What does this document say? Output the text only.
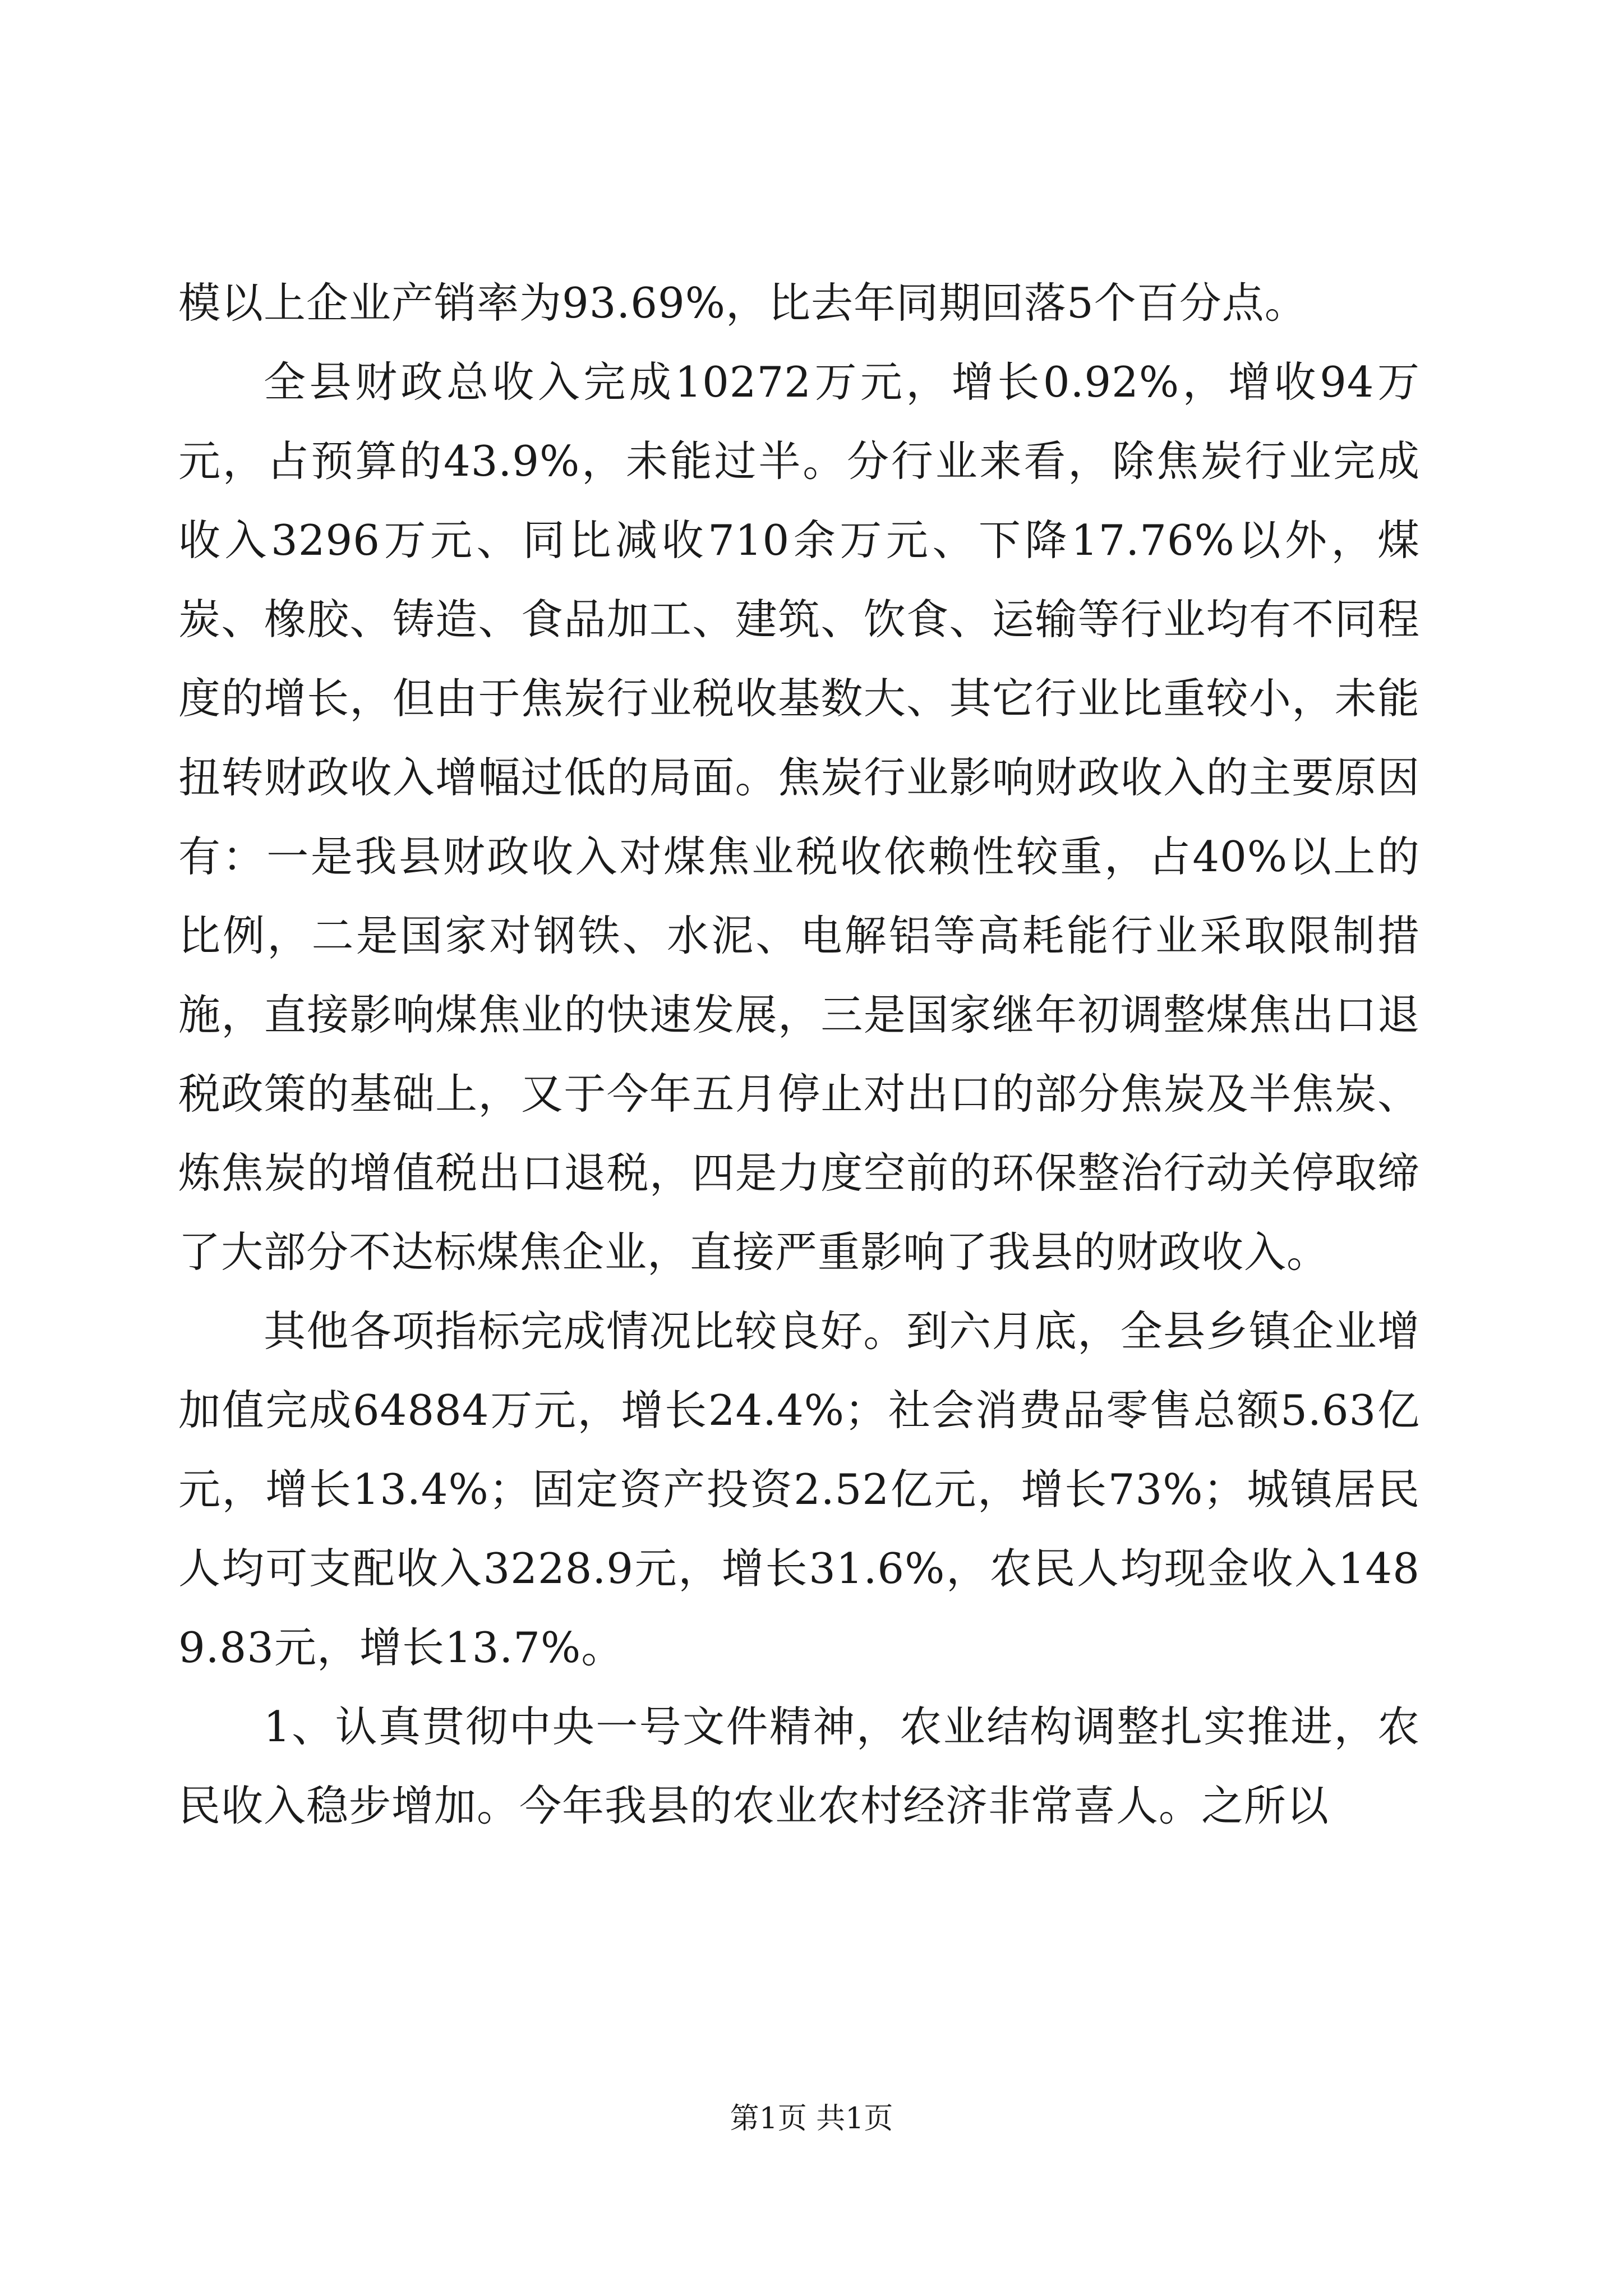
模以上企业产销率为93.69%，比去年同期回落5个百分点。

全县财政总收入完成10272万元，增长0.92%，增收94万元，占预算的43.9%，未能过半。分行业来看，除焦炭行业完成收入3296万元、同比减收710余万元、下降17.76%以外，煤炭、橡胶、铸造、食品加工、建筑、饮食、运输等行业均有不同程度的增长，但由于焦炭行业税收基数大、其它行业比重较小，未能扭转财政收入增幅过低的局面。焦炭行业影响财政收入的主要原因有：一是我县财政收入对煤焦业税收依赖性较重，占40%以上的比例，二是国家对钢铁、水泥、电解铝等高耗能行业采取限制措施，直接影响煤焦业的快速发展，三是国家继年初调整煤焦出口退税政策的基础上，又于今年五月停止对出口的部分焦炭及半焦炭、炼焦炭的增值税出口退税，四是力度空前的环保整治行动关停取缔了大部分不达标煤焦企业，直接严重影响了我县的财政收入。

其他各项指标完成情况比较良好。到六月底，全县乡镇企业增加值完成64884万元，增长24.4%；社会消费品零售总额5.63亿元，增长13.4%；固定资产投资2.52亿元，增长73%；城镇居民人均可支配收入3228.9元，增长31.6%，农民人均现金收入1489.83元，增长13.7%。

1、认真贯彻中央一号文件精神，农业结构调整扎实推进，农民收入稳步增加。今年我县的农业农村经济非常喜人。之所以

第1页 共1页
